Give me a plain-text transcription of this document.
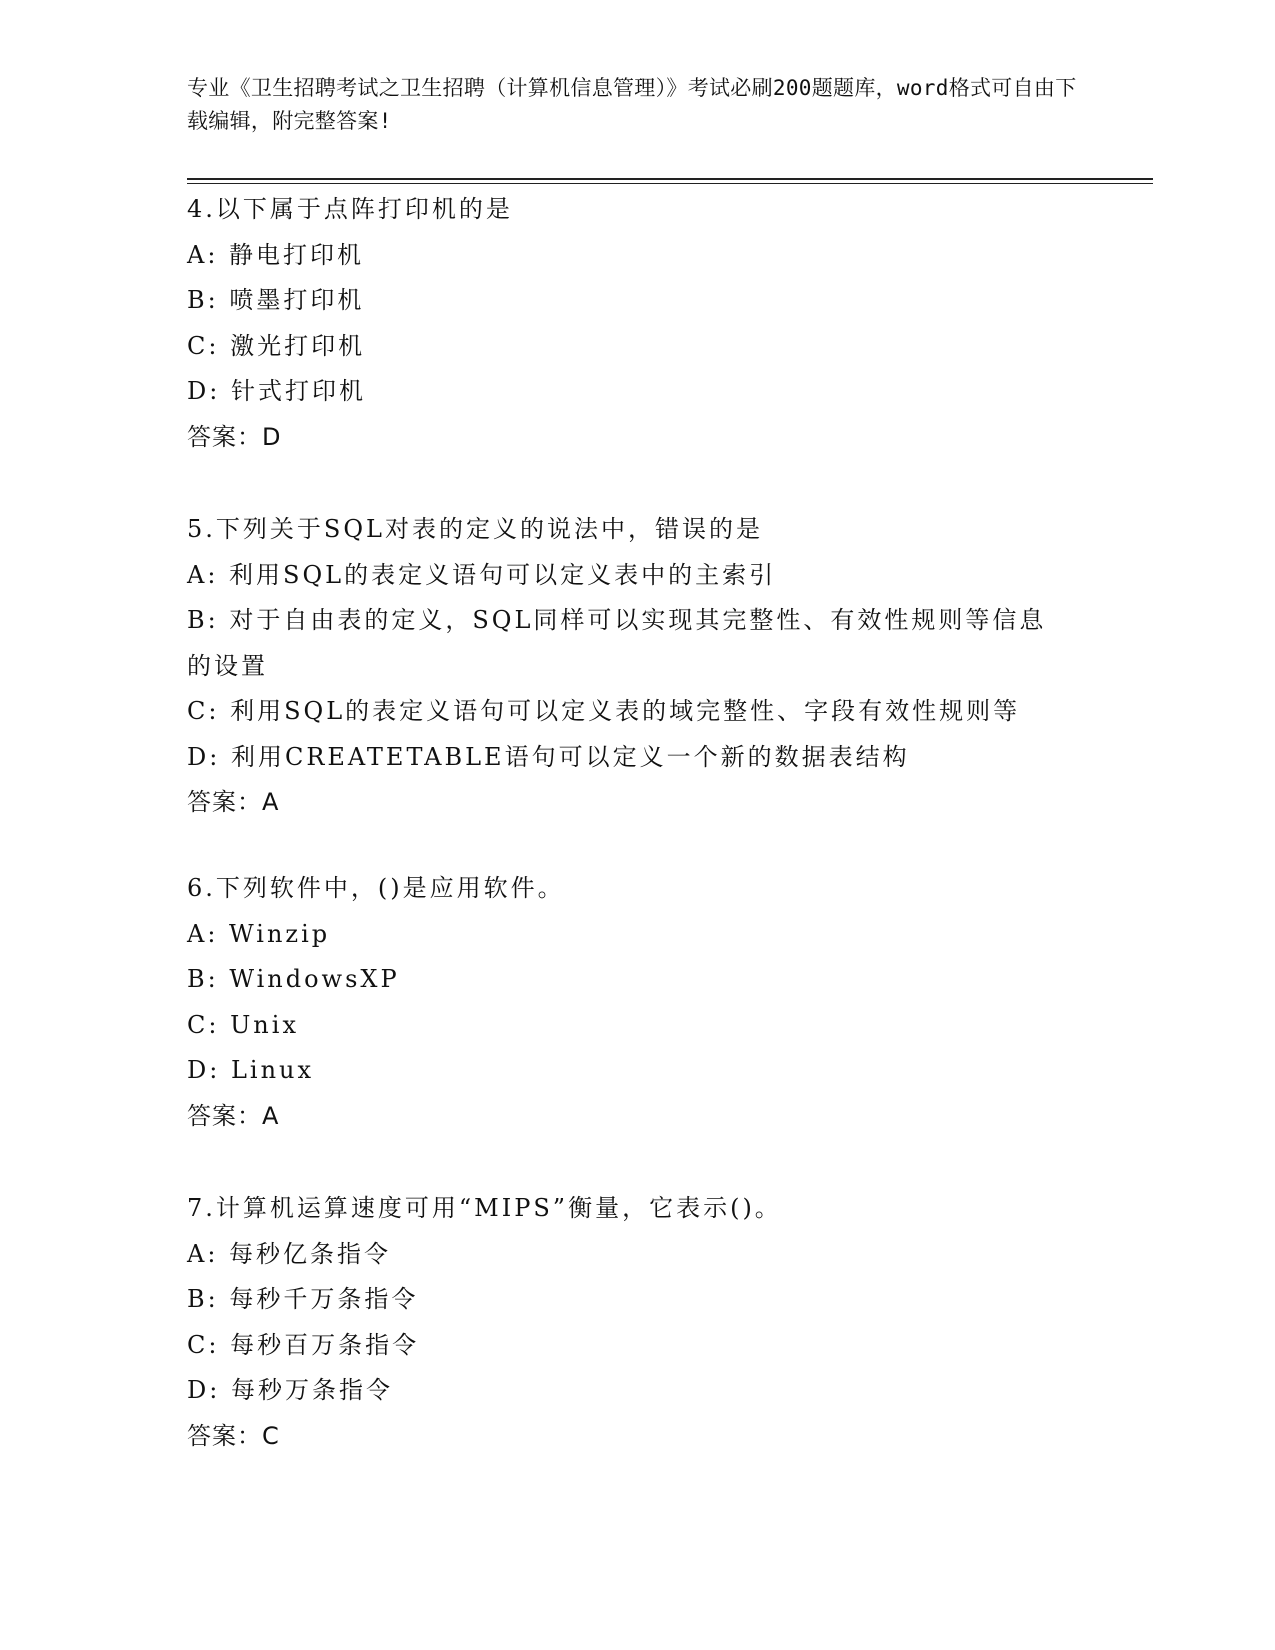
专业《卫生招聘考试之卫生招聘（计算机信息管理）》考试必刷200题题库，word格式可自由下载编辑，附完整答案!
4.以下属于点阵打印机的是
A: 静电打印机
B: 喷墨打印机
C: 激光打印机
D: 针式打印机
答案：D
5.下列关于SQL对表的定义的说法中，错误的是
A: 利用SQL的表定义语句可以定义表中的主索引
B: 对于自由表的定义，SQL同样可以实现其完整性、有效性规则等信息的设置
C: 利用SQL的表定义语句可以定义表的域完整性、字段有效性规则等
D: 利用CREATETABLE语句可以定义一个新的数据表结构
答案：A
6.下列软件中，()是应用软件。
A: Winzip
B: WindowsXP
C: Unix
D: Linux
答案：A
7.计算机运算速度可用“MIPS”衡量，它表示()。
A: 每秒亿条指令
B: 每秒千万条指令
C: 每秒百万条指令
D: 每秒万条指令
答案：C
